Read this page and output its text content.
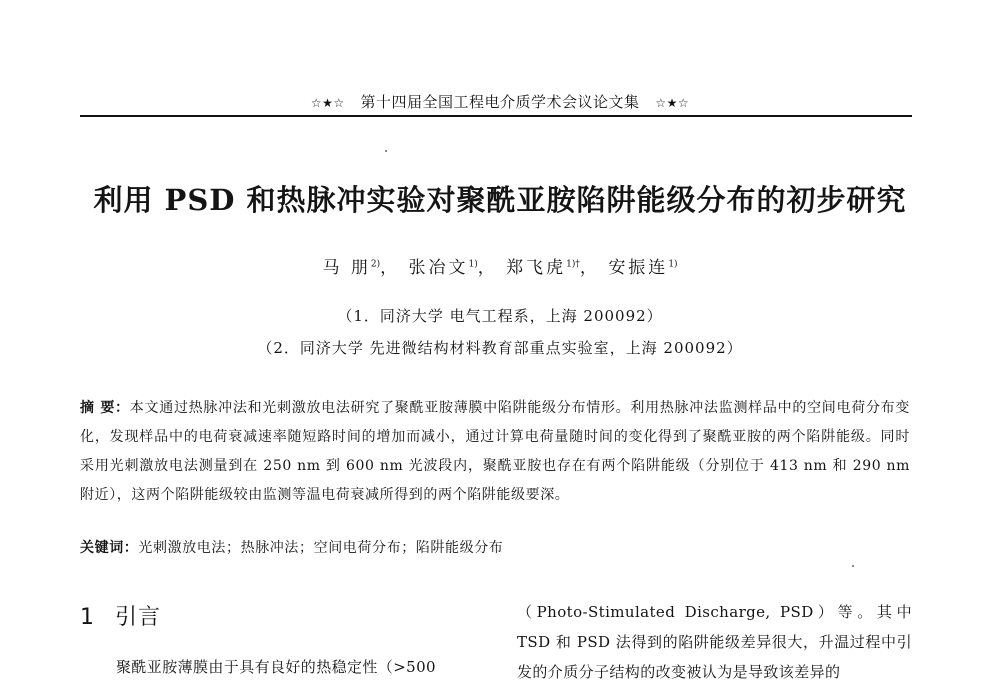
☆★☆ 第十四届全国工程电介质学术会议论文集 ☆★☆
利用 PSD 和热脉冲实验对聚酰亚胺陷阱能级分布的初步研究
马 朋$^{2)}$， 张冶文$^{1)}$， 郑飞虎$^{1)\dagger}$， 安振连$^{1)}$
（1．同济大学 电气工程系，上海 200092）
（2．同济大学 先进微结构材料教育部重点实验室，上海 200092）
摘 要：本文通过热脉冲法和光刺激放电法研究了聚酰亚胺薄膜中陷阱能级分布情形。利用热脉冲法监测样品中的空间电荷分布变化，发现样品中的电荷衰减速率随短路时间的增加而减小，通过计算电荷量随时间的变化得到了聚酰亚胺的两个陷阱能级。同时采用光刺激放电法测量到在 250 nm 到 600 nm 光波段内，聚酰亚胺也存在有两个陷阱能级（分别位于 413 nm 和 290 nm 附近），这两个陷阱能级较由监测等温电荷衰减所得到的两个陷阱能级要深。
关键词：光刺激放电法；热脉冲法；空间电荷分布；陷阱能级分布
1 引言
聚酰亚胺薄膜由于具有良好的热稳定性（>500
（Photo-Stimulated Discharge, PSD）等。其中 TSD 和 PSD 法得到的陷阱能级差异很大，升温过程中引发的介质分子结构的改变被认为是导致该差异的
